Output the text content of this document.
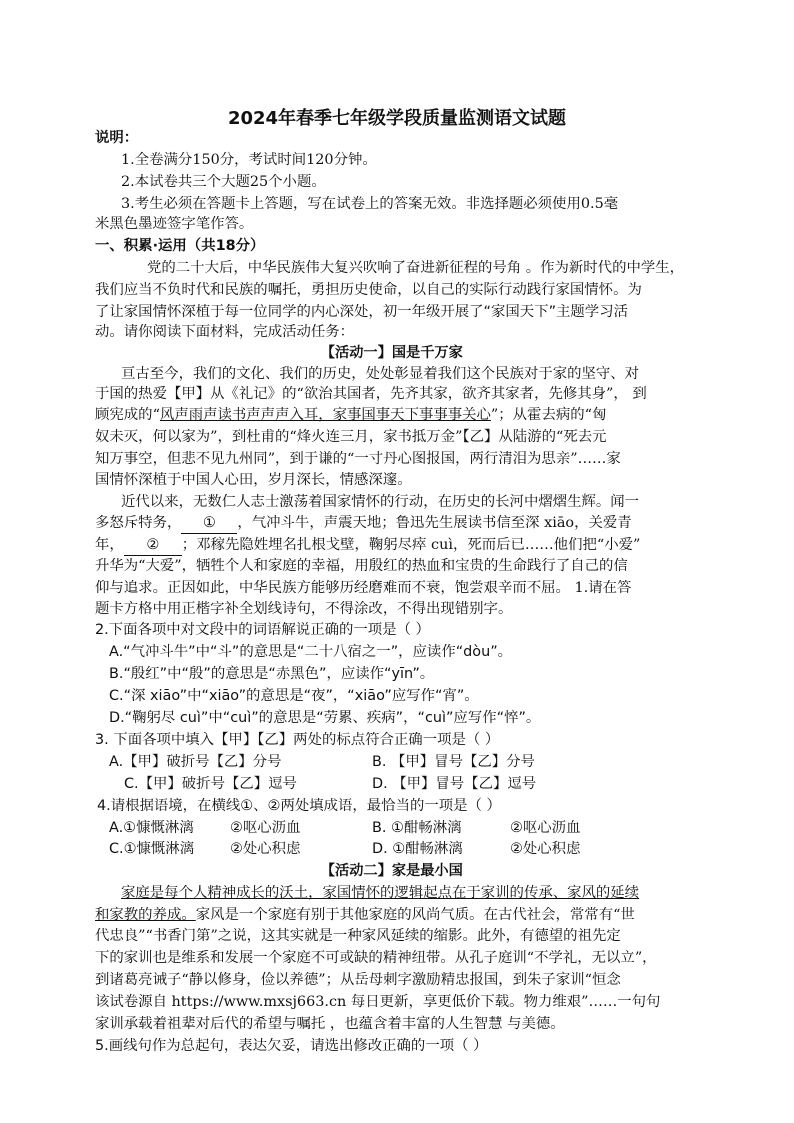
2024年春季七年级学段质量监测语文试题
说明：
1.全卷满分150分，考试时间120分钟。
2.本试卷共三个大题25个小题。
3.考生必须在答题卡上答题，写在试卷上的答案无效。非选择题必须使用0.5毫
米黑色墨迹签字笔作答。
一、积累·运用（共18分）
党的二十大后，中华民族伟大复兴吹响了奋进新征程的号角 。作为新时代的中学生，
我们应当不负时代和民族的嘱托，勇担历史使命，以自己的实际行动践行家国情怀。为
了让家国情怀深植于每一位同学的内心深处，初一年级开展了“家国天下”主题学习活
动。请你阅读下面材料，完成活动任务：
【活动一】国是千万家
亘古至今，我们的文化、我们的历史，处处彰显着我们这个民族对于家的坚守、对
于国的热爱【甲】从《礼记》的“欲治其国者，先齐其家，欲齐其家者，先修其身”， 到
顾宪成的“风声雨声读书声声声入耳，家事国事天下事事事关心”；从霍去病的“匈
奴未灭，何以家为”，到杜甫的“烽火连三月，家书抵万金”【乙】从陆游的“死去元
知万事空，但悲不见九州同”，到于谦的“一寸丹心图报国，两行清泪为思亲”……家
国情怀深植于中国人心田，岁月深长，情感深邃。
近代以来，无数仁人志士激荡着国家情怀的行动，在历史的长河中熠熠生辉。闻一
多怒斥特务， ① ，气冲斗牛，声震天地；鲁迅先生展读书信至深 xiāo，关爱青
年， ② ；邓稼先隐姓埋名扎根戈壁，鞠躬尽瘁 cuì，死而后已……他们把“小爱”
升华为“大爱”，牺牲个人和家庭的幸福，用殷红的热血和宝贵的生命践行了自己的信
仰与追求。正因如此，中华民族方能够历经磨难而不衰，饱尝艰辛而不屈。 1.请在答
题卡方格中用正楷字补全划线诗句，不得涂改，不得出现错别字。
2.下面各项中对文段中的词语解说正确的一项是（ ）
A.“气冲斗牛”中“斗”的意思是“二十八宿之一”，应读作“dòu”。
B.“殷红”中“殷”的意思是“赤黑色”，应读作“yīn”。
C.“深 xiāo”中“xiāo”的意思是“夜”，“xiāo”应写作“宵”。
D.“鞠躬尽 cuì”中“cuì”的意思是“劳累、疾病”，“cuì”应写作“悴”。
3. 下面各项中填入【甲】【乙】两处的标点符合正确一项是（ ）
A.【甲】破折号【乙】分号	B. 【甲】冒号【乙】分号
C.【甲】破折号【乙】逗号	D. 【甲】冒号【乙】逗号
4.请根据语境，在横线①、②两处填成语，最恰当的一项是（ ）
A.①慷慨淋漓	②呕心沥血	B. ①酣畅淋漓	②呕心沥血
C.①慷慨淋漓 ②处心积虑	D. ①酣畅淋漓	②处心积虑
【活动二】家是最小国
家庭是每个人精神成长的沃土，家国情怀的逻辑起点在于家训的传承、家风的延续
和家教的养成。家风是一个家庭有别于其他家庭的风尚气质。在古代社会，常常有“世
代忠良”“书香门第”之说，这其实就是一种家风延续的缩影。此外，有德望的祖先定
下的家训也是维系和发展一个家庭不可或缺的精神纽带。从孔子庭训“不学礼，无以立”，
到诸葛亮诫子“静以修身，俭以养德”；从岳母刺字激励精忠报国，到朱子家训“恒念
该试卷源自 https://www.mxsj663.cn 每日更新，享更低价下载。物力维艰”……一句句
家训承载着祖辈对后代的希望与嘱托 ，也蕴含着丰富的人生智慧 与美德。
5.画线句作为总起句，表达欠妥，请选出修改正确的一项（ ）
